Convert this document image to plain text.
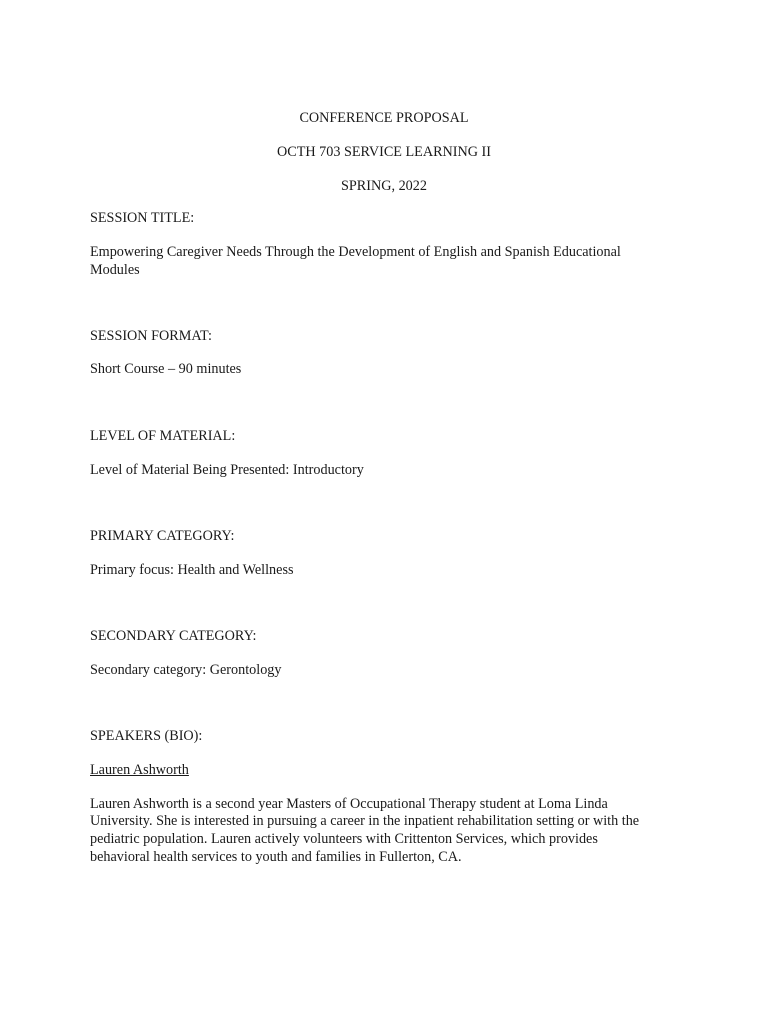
CONFERENCE PROPOSAL
OCTH 703 SERVICE LEARNING II
SPRING, 2022
SESSION TITLE:
Empowering Caregiver Needs Through the Development of English and Spanish Educational
Modules
SESSION FORMAT:
Short Course – 90 minutes
LEVEL OF MATERIAL:
Level of Material Being Presented: Introductory
PRIMARY CATEGORY:
Primary focus: Health and Wellness
SECONDARY CATEGORY:
Secondary category: Gerontology
SPEAKERS (BIO):
Lauren Ashworth
Lauren Ashworth is a second year Masters of Occupational Therapy student at Loma Linda
University. She is interested in pursuing a career in the inpatient rehabilitation setting or with the
pediatric population. Lauren actively volunteers with Crittenton Services, which provides
behavioral health services to youth and families in Fullerton, CA.
